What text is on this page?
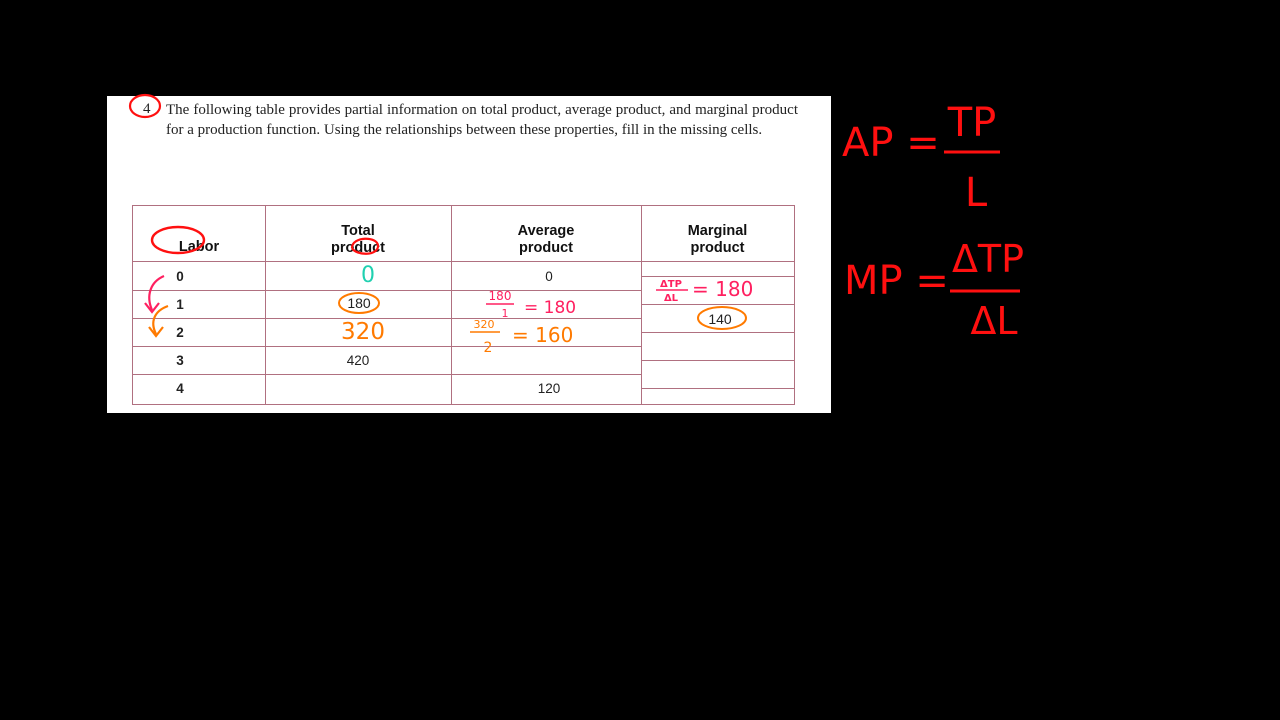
4 The following table provides partial information on total product, average product, and marginal product for a production function. Using the relationships between these properties, fill in the missing cells.
Labor
Total
product
Average
product
Marginal
product
0
1
2
3
4
420
0
120
0
180
320
180
1 = 180
320
2
= 160
ΔTP
ΔL = 180
140
AP = TP
L
MP = ΔTP
ΔL
